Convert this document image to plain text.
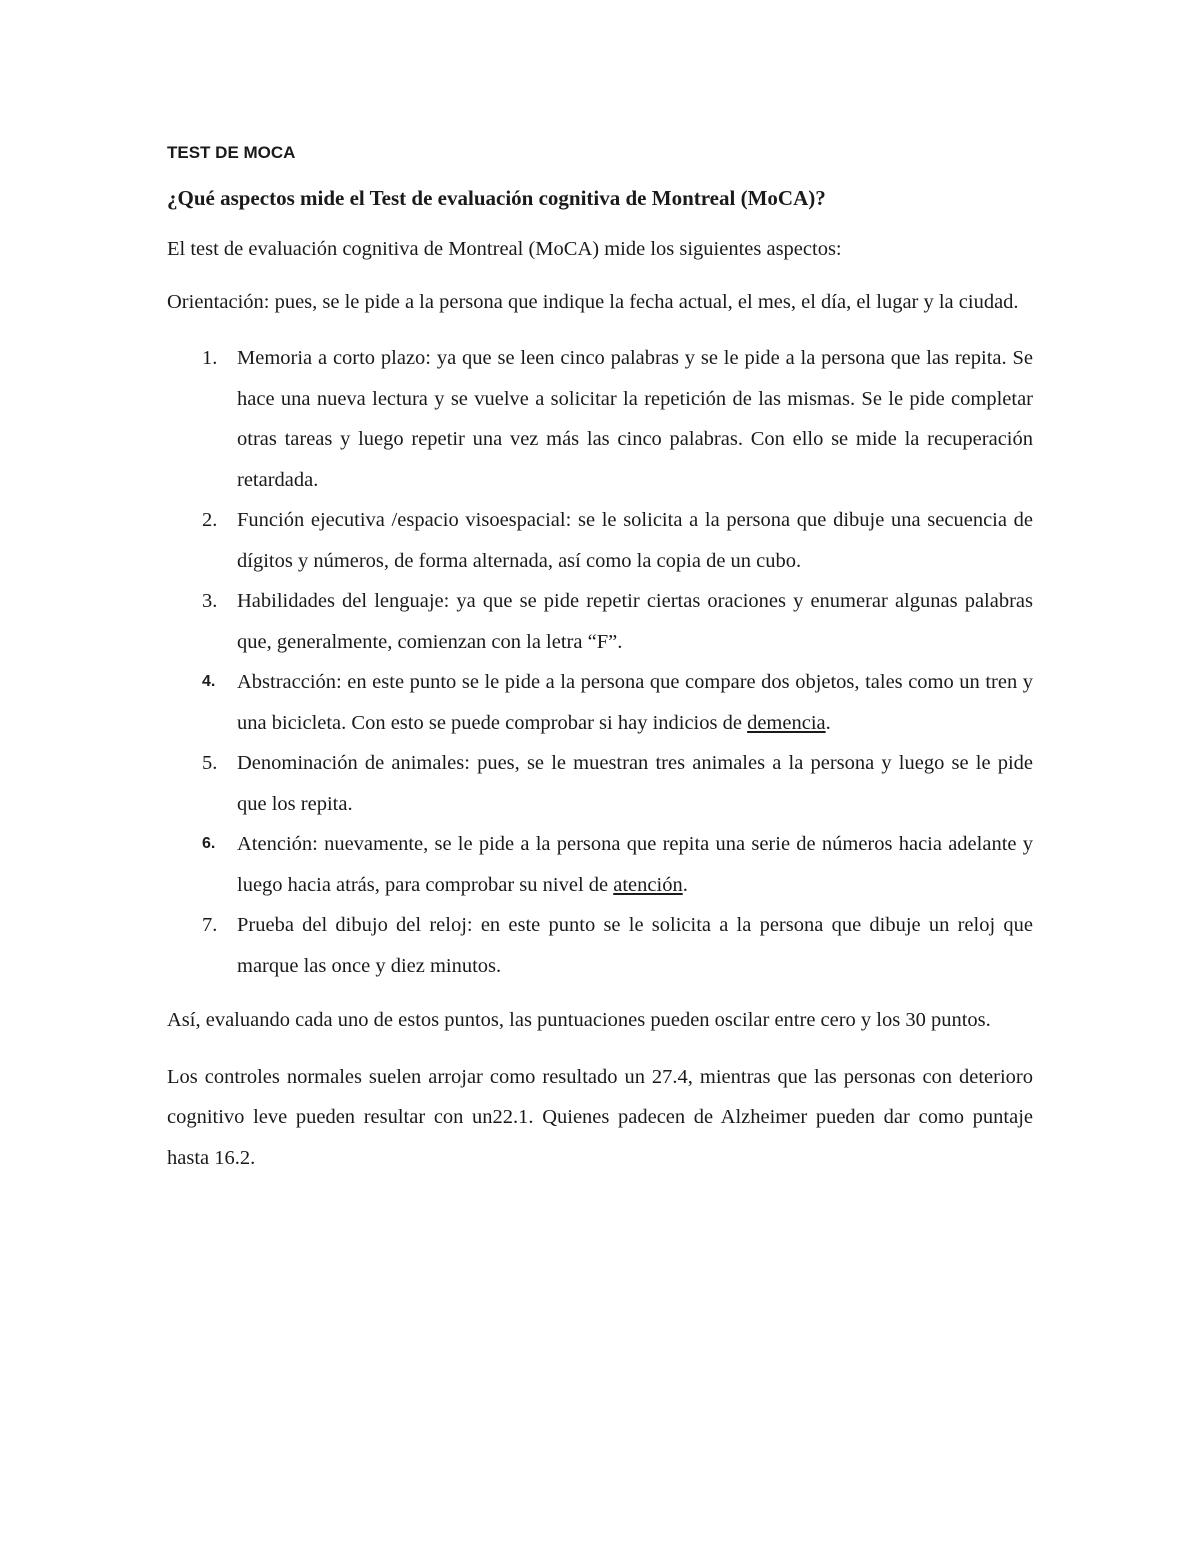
TEST DE MOCA
¿Qué aspectos mide el Test de evaluación cognitiva de Montreal (MoCA)?
El test de evaluación cognitiva de Montreal (MoCA) mide los siguientes aspectos:
Orientación: pues, se le pide a la persona que indique la fecha actual, el mes, el día, el lugar y la ciudad.
1. Memoria a corto plazo: ya que se leen cinco palabras y se le pide a la persona que las repita. Se hace una nueva lectura y se vuelve a solicitar la repetición de las mismas. Se le pide completar otras tareas y luego repetir una vez más las cinco palabras. Con ello se mide la recuperación retardada.
2. Función ejecutiva /espacio visoespacial: se le solicita a la persona que dibuje una secuencia de dígitos y números, de forma alternada, así como la copia de un cubo.
3. Habilidades del lenguaje: ya que se pide repetir ciertas oraciones y enumerar algunas palabras que, generalmente, comienzan con la letra “F”.
4. Abstracción: en este punto se le pide a la persona que compare dos objetos, tales como un tren y una bicicleta. Con esto se puede comprobar si hay indicios de demencia.
5. Denominación de animales: pues, se le muestran tres animales a la persona y luego se le pide que los repita.
6. Atención: nuevamente, se le pide a la persona que repita una serie de números hacia adelante y luego hacia atrás, para comprobar su nivel de atención.
7. Prueba del dibujo del reloj: en este punto se le solicita a la persona que dibuje un reloj que marque las once y diez minutos.
Así, evaluando cada uno de estos puntos, las puntuaciones pueden oscilar entre cero y los 30 puntos.
Los controles normales suelen arrojar como resultado un 27.4, mientras que las personas con deterioro cognitivo leve pueden resultar con un22.1. Quienes padecen de Alzheimer pueden dar como puntaje hasta 16.2.
